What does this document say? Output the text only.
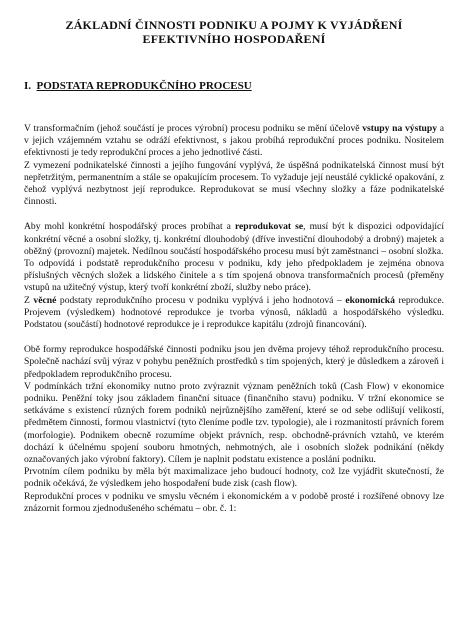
ZÁKLADNÍ ČINNOSTI PODNIKU A POJMY K VYJÁDŘENÍ
EFEKTIVNÍHO HOSPODAŘENÍ
I. PODSTATA REPRODUKČNÍHO PROCESU

V transformačním (jehož součástí je proces výrobní) procesu podniku se mění účelově vstupy na výstupy a v jejich vzájemném vztahu se odráží efektivnost, s jakou probíhá reprodukční proces podniku. Nositelem efektivnosti je tedy reprodukční proces a jeho jednotlivé části.

Z vymezení podnikatelské činnosti a jejího fungování vyplývá, že úspěšná podnikatelská činnost musí být nepřetržitým, permanentním a stále se opakujícím procesem. To vyžaduje její neustálé cyklické opakování, z čehož vyplývá nezbytnost její reprodukce. Reprodukovat se musí všechny složky a fáze podnikatelské činnosti.

Aby mohl konkrétní hospodářský proces probíhat a reprodukovat se, musí být k dispozici odpovídající konkrétní věcné a osobní složky, tj. konkrétní dlouhodobý (dříve investiční dlouhodobý a drobný) majetek a oběžný (provozní) majetek. Nedílnou součástí hospodářského procesu musí být zaměstnanci – osobní složka.

To odpovídá i podstatě reprodukčního procesu v podniku, kdy jeho předpokladem je zejména obnova příslušných věcných složek a lidského činitele a s tím spojená obnova transformačních procesů (přeměny vstupů na užitečný výstup, který tvoří konkrétní zboží, služby nebo práce).

Z věcné podstaty reprodukčního procesu v podniku vyplývá i jeho hodnotová – ekonomická reprodukce. Projevem (výsledkem) hodnotové reprodukce je tvorba výnosů, nákladů a hospodářského výsledku. Podstatou (součástí) hodnotové reprodukce je i reprodukce kapitálu (zdrojů financování).

Obě formy reprodukce hospodářské činnosti podniku jsou jen dvěma projevy téhož reprodukčního procesu. Společně nachází svůj výraz v pohybu peněžních prostředků s tím spojených, který je důsledkem a zároveň i předpokladem reprodukčního procesu.

V podmínkách tržní ekonomiky nutno proto zvýraznit význam peněžních toků (Cash Flow) v ekonomice podniku. Peněžní toky jsou základem finanční situace (finančního stavu) podniku. V tržní ekonomice se setkáváme s existencí různých forem podniků nejrůznějšího zaměření, které se od sebe odlišují velikostí, předmětem činnosti, formou vlastnictví (tyto členíme podle tzv. typologie), ale i rozmanitostí právních forem (morfologie). Podnikem obecně rozumíme objekt právních, resp. obchodně-právních vztahů, ve kterém dochází k účelnému spojení souboru hmotných, nehmotných, ale i osobních složek podnikání (někdy označovaných jako výrobní faktory). Cílem je naplnit podstatu existence a poslání podniku.

Prvotním cílem podniku by měla být maximalizace jeho budoucí hodnoty, což lze vyjádřit skutečností, že podnik očekává, že výsledkem jeho hospodaření bude zisk (cash flow).

Reprodukční proces v podniku ve smyslu věcném i ekonomickém a v podobě prosté i rozšířené obnovy lze znázornit formou zjednodušeného schématu – obr. č. 1:
